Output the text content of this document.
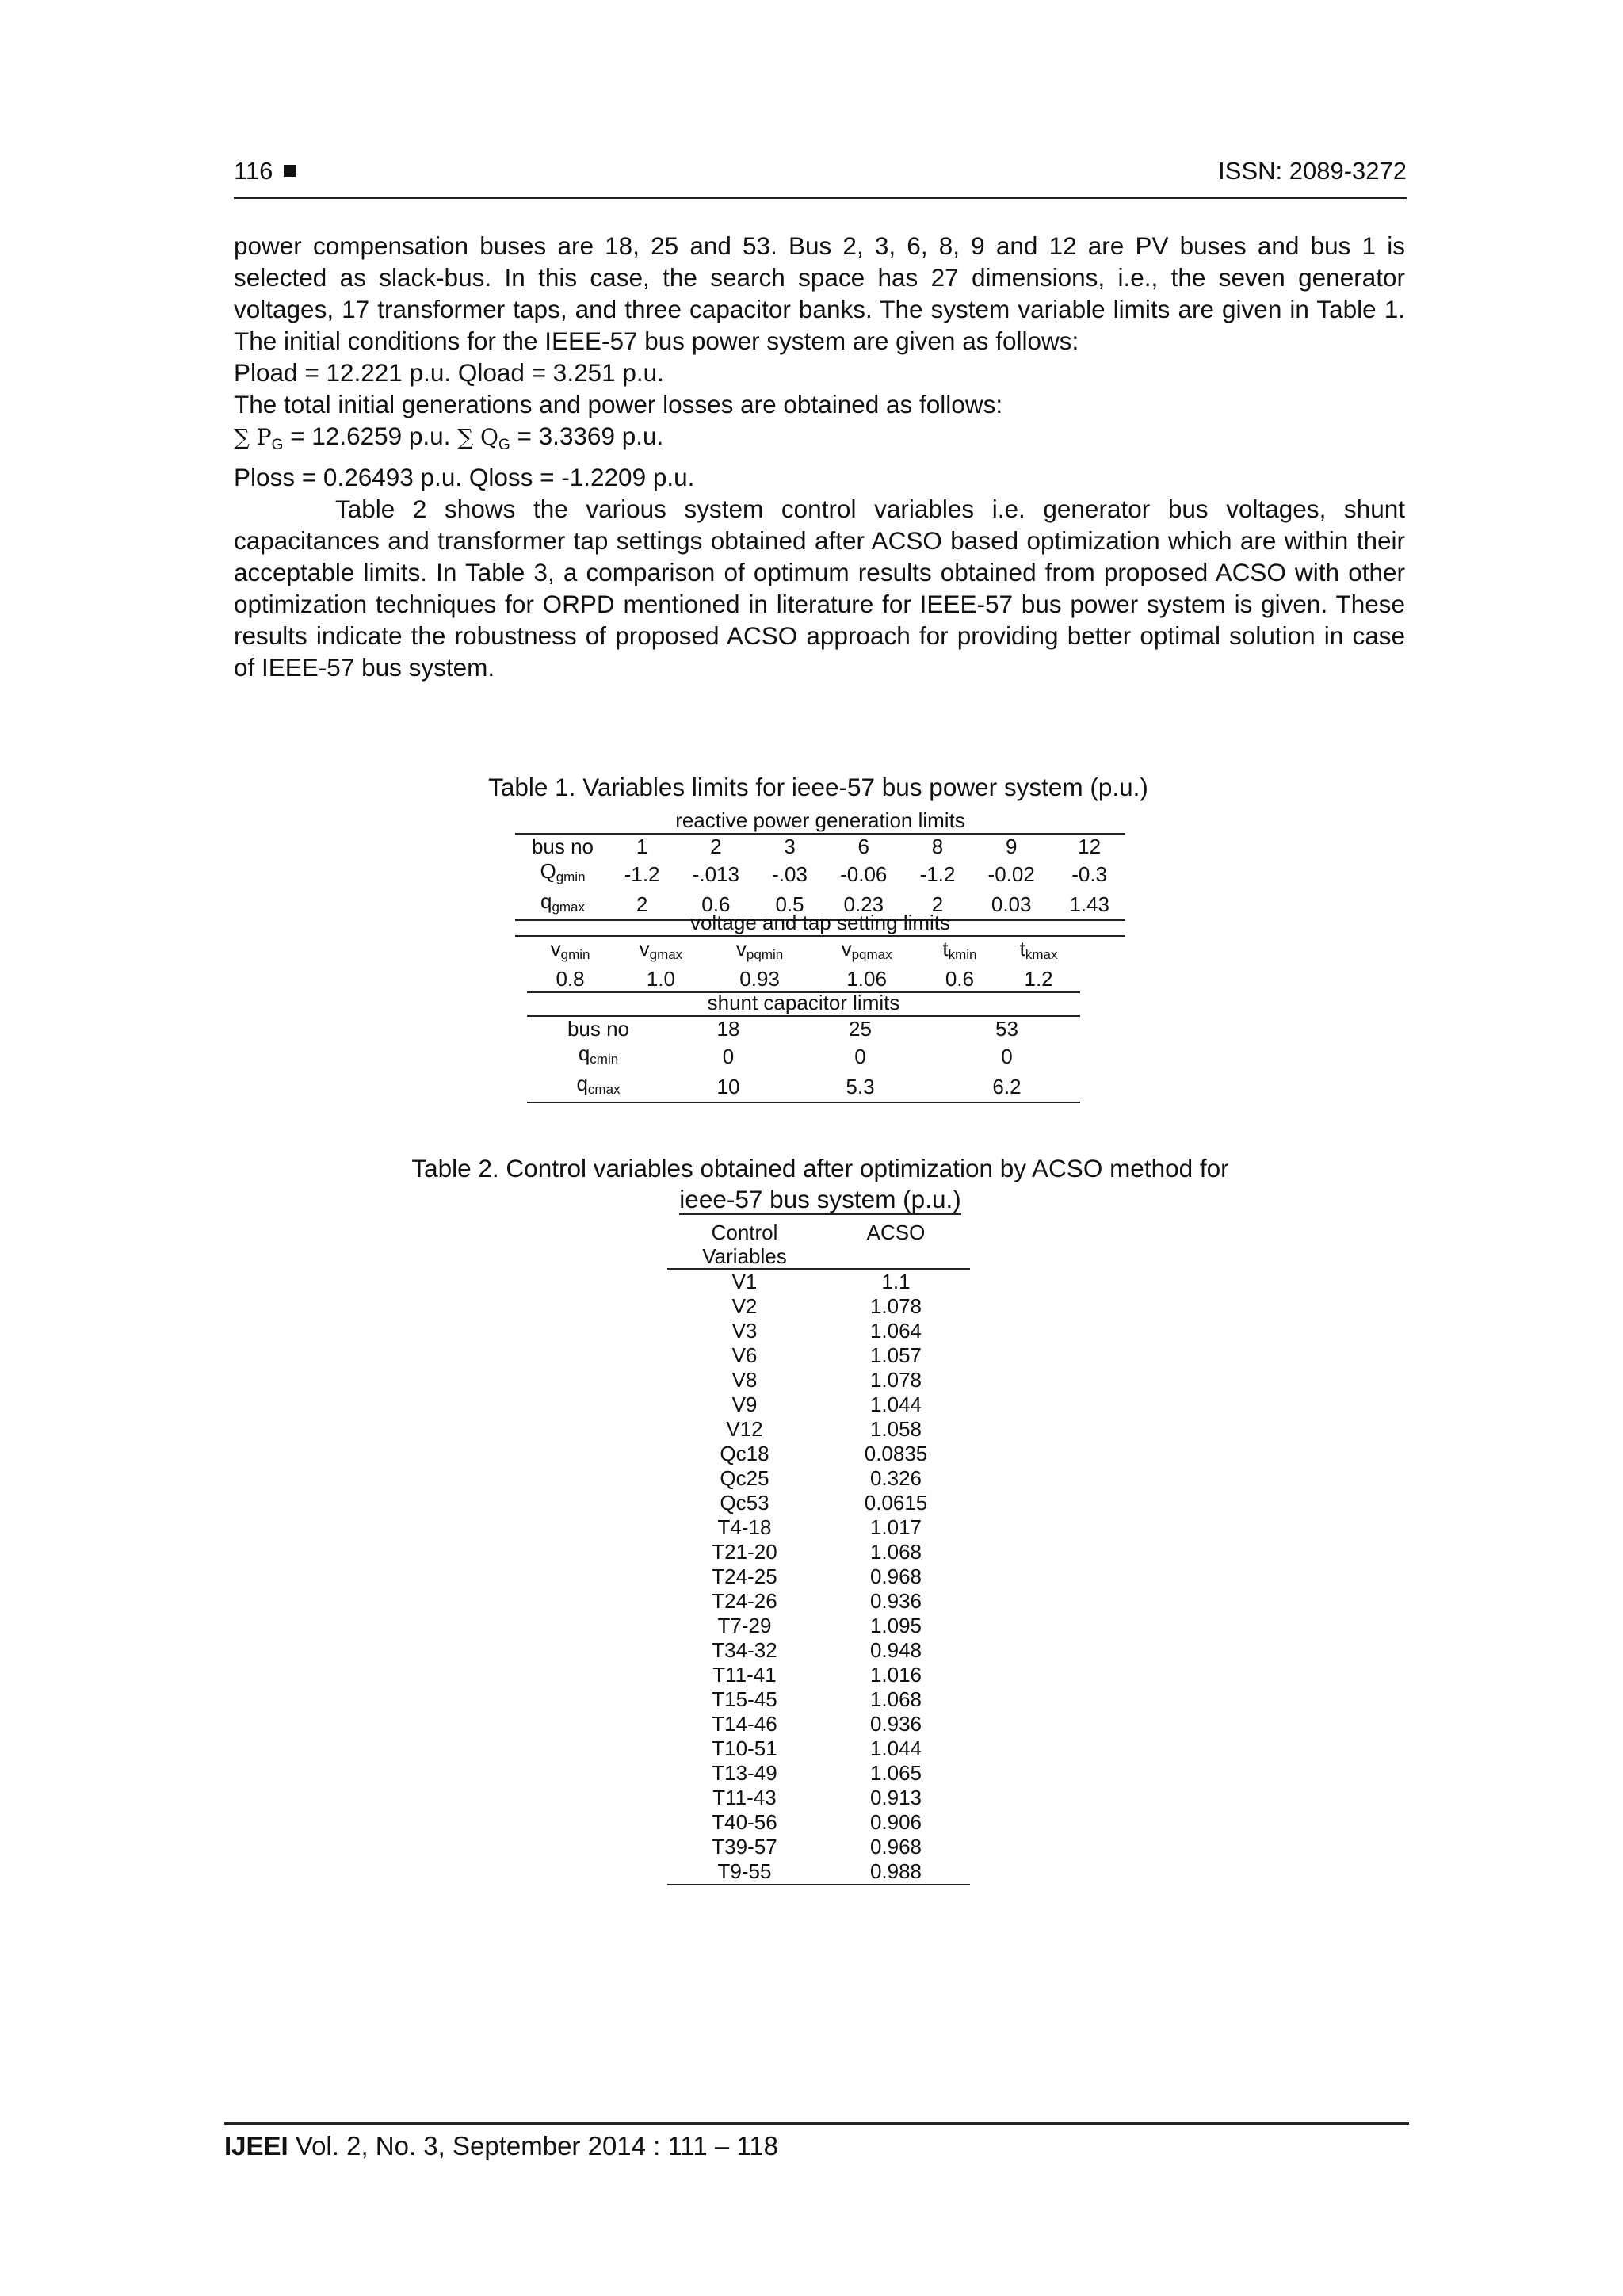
116	ISSN: 2089-3272

power compensation buses are 18, 25 and 53. Bus 2, 3, 6, 8, 9 and 12 are PV buses and bus 1 is selected as slack-bus. In this case, the search space has 27 dimensions, i.e., the seven generator voltages, 17 transformer taps, and three capacitor banks. The system variable limits are given in Table 1. The initial conditions for the IEEE-57 bus power system are given as follows:

Pload = 12.221 p.u. Qload = 3.251 p.u.

The total initial generations and power losses are obtained as follows:

∑ $P_G = 12.6259$ p.u. ∑ $Q_G = 3.3369$ p.u.

Ploss = 0.26493 p.u. Qloss = -1.2209 p.u.

Table 2 shows the various system control variables i.e. generator bus voltages, shunt capacitances and transformer tap settings obtained after ACSO based optimization which are within their acceptable limits. In Table 3, a comparison of optimum results obtained from proposed ACSO with other optimization techniques for ORPD mentioned in literature for IEEE-57 bus power system is given. These results indicate the robustness of proposed ACSO approach for providing better optimal solution in case of IEEE-57 bus system.

Table 1. Variables limits for ieee-57 bus power system (p.u.)
reactive power generation limits							
bus no	1	2	3	6	8	9	12
Qgmin	-1.2	-.013	-.03	-0.06	-1.2	-0.02	-0.3
qgmax	2	0.6	0.5	0.23	2	0.03	1.43
voltage and tap setting limits
vgmin	vgmax	vpqmin	vpqmax	tkmin	tkmax
0.8	1.0	0.93	1.06	0.6	1.2
shunt capacitor limits			
bus no	18	25	53
qcmin	0	0	0
qcmax	10	5.3	6.2
Table 2. Control variables obtained after optimization by ACSO method for
ieee-57 bus system (p.u.)
Control	ACSO
Variables	
V1	1.1
V2	1.078
V3	1.064
V6	1.057
V8	1.078
V9	1.044
V12	1.058
Qc18	0.0835
Qc25	0.326
Qc53	0.0615
T4-18	1.017
T21-20	1.068
T24-25	0.968
T24-26	0.936
T7-29	1.095
T34-32	0.948
T11-41	1.016
T15-45	1.068
T14-46	0.936
T10-51	1.044
T13-49	1.065
T11-43	0.913
T40-56	0.906
T39-57	0.968
T9-55	0.988
IJEEI Vol. 2, No. 3, September 2014 : 111 – 118
